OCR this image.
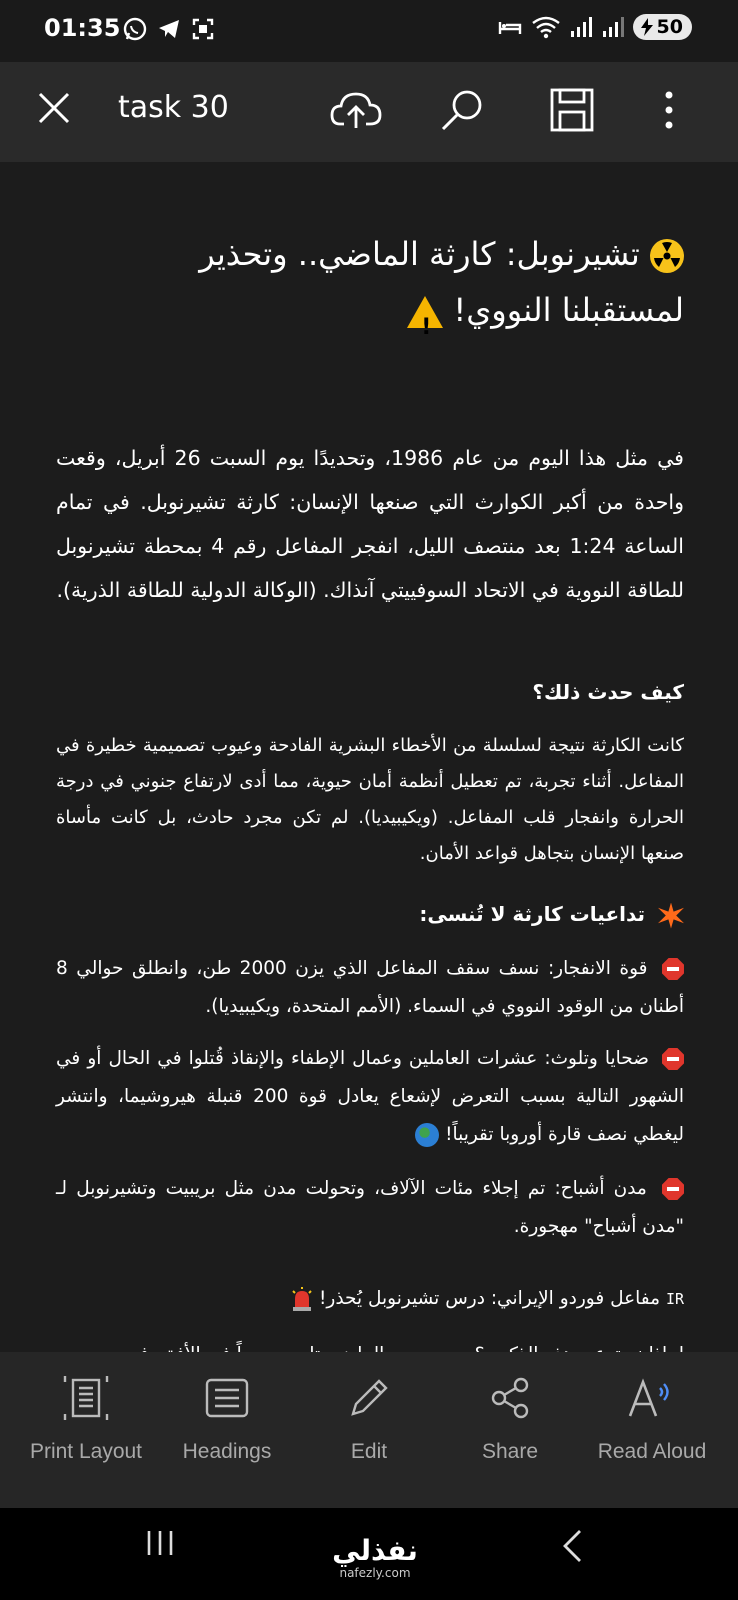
01:35	50
task 30
تشيرنوبل: كارثة الماضي.. وتحذير
لمستقبلنا النووي! !
في مثل هذا اليوم من عام 1986، وتحديدًا يوم السبت 26 أبريل، وقعت واحدة من أكبر الكوارث التي صنعها الإنسان: كارثة تشيرنوبل. في تمام الساعة 1:24 بعد منتصف الليل، انفجر المفاعل رقم 4 بمحطة تشيرنوبل للطاقة النووية في الاتحاد السوفييتي آنذاك. (الوكالة الدولية للطاقة الذرية).
كيف حدث ذلك؟
كانت الكارثة نتيجة لسلسلة من الأخطاء البشرية الفادحة وعيوب تصميمية خطيرة في المفاعل. أثناء تجربة، تم تعطيل أنظمة أمان حيوية، مما أدى لارتفاع جنوني في درجة الحرارة وانفجار قلب المفاعل. (ويكيبيديا). لم تكن مجرد حادث، بل كانت مأساة صنعها الإنسان بتجاهل قواعد الأمان.
تداعيات كارثة لا تُنسى:
قوة الانفجار: نسف سقف المفاعل الذي يزن 2000 طن، وانطلق حوالي 8 أطنان من الوقود النووي في السماء. (الأمم المتحدة، ويكيبيديا).
ضحايا وتلوث: عشرات العاملين وعمال الإطفاء والإنقاذ قُتلوا في الحال أو في الشهور التالية بسبب التعرض لإشعاع يعادل قوة 200 قنبلة هيروشيما، وانتشر ليغطي نصف قارة أوروبا تقريباً!
مدن أشباح: تم إجلاء مئات الآلاف، وتحولت مدن مثل بريبيت وتشيرنوبل لـ "مدن أشباح" مهجورة.
IR مفاعل فوردو الإيراني: درس تشيرنوبل يُحذر!
Print Layout	Headings	Edit	Share	Read Aloud
نفذلي
nafezly.com
